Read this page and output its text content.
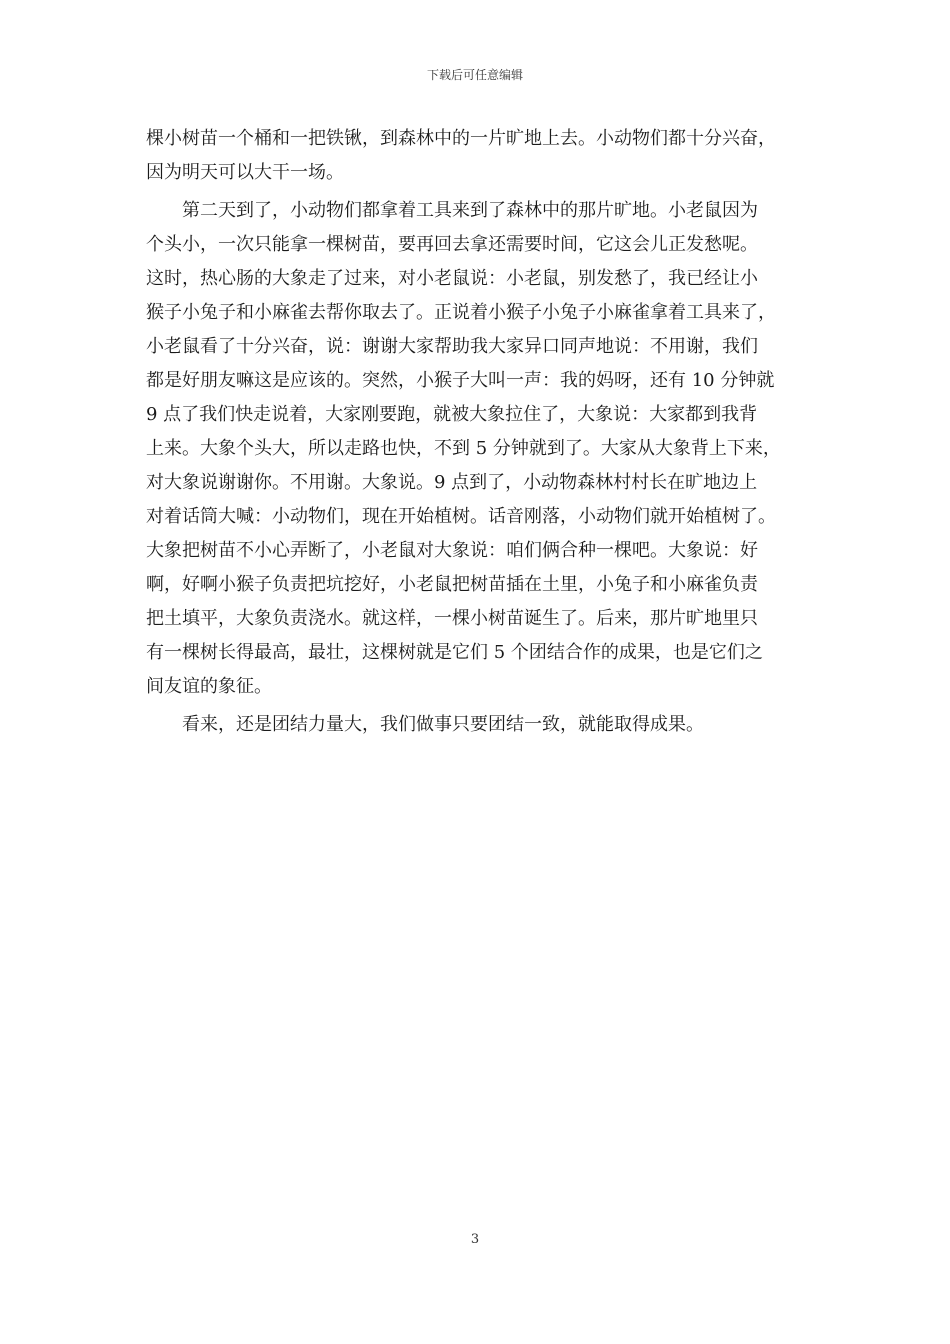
下载后可任意编辑
棵小树苗一个桶和一把铁锹，到森林中的一片旷地上去。小动物们都十分兴奋，
因为明天可以大干一场。
　　第二天到了，小动物们都拿着工具来到了森林中的那片旷地。小老鼠因为
个头小，一次只能拿一棵树苗，要再回去拿还需要时间，它这会儿正发愁呢。
这时，热心肠的大象走了过来，对小老鼠说：小老鼠，别发愁了，我已经让小
猴子小兔子和小麻雀去帮你取去了。正说着小猴子小兔子小麻雀拿着工具来了，
小老鼠看了十分兴奋，说：谢谢大家帮助我大家异口同声地说：不用谢，我们
都是好朋友嘛这是应该的。突然，小猴子大叫一声：我的妈呀，还有 10 分钟就
9 点了我们快走说着，大家刚要跑，就被大象拉住了，大象说：大家都到我背
上来。大象个头大，所以走路也快，不到 5 分钟就到了。大家从大象背上下来，
对大象说谢谢你。不用谢。大象说。9 点到了，小动物森林村村长在旷地边上
对着话筒大喊：小动物们，现在开始植树。话音刚落，小动物们就开始植树了。
大象把树苗不小心弄断了，小老鼠对大象说：咱们俩合种一棵吧。大象说：好
啊，好啊小猴子负责把坑挖好，小老鼠把树苗插在土里，小兔子和小麻雀负责
把土填平，大象负责浇水。就这样，一棵小树苗诞生了。后来，那片旷地里只
有一棵树长得最高，最壮，这棵树就是它们 5 个团结合作的成果，也是它们之
间友谊的象征。
　　看来，还是团结力量大，我们做事只要团结一致，就能取得成果。
3
